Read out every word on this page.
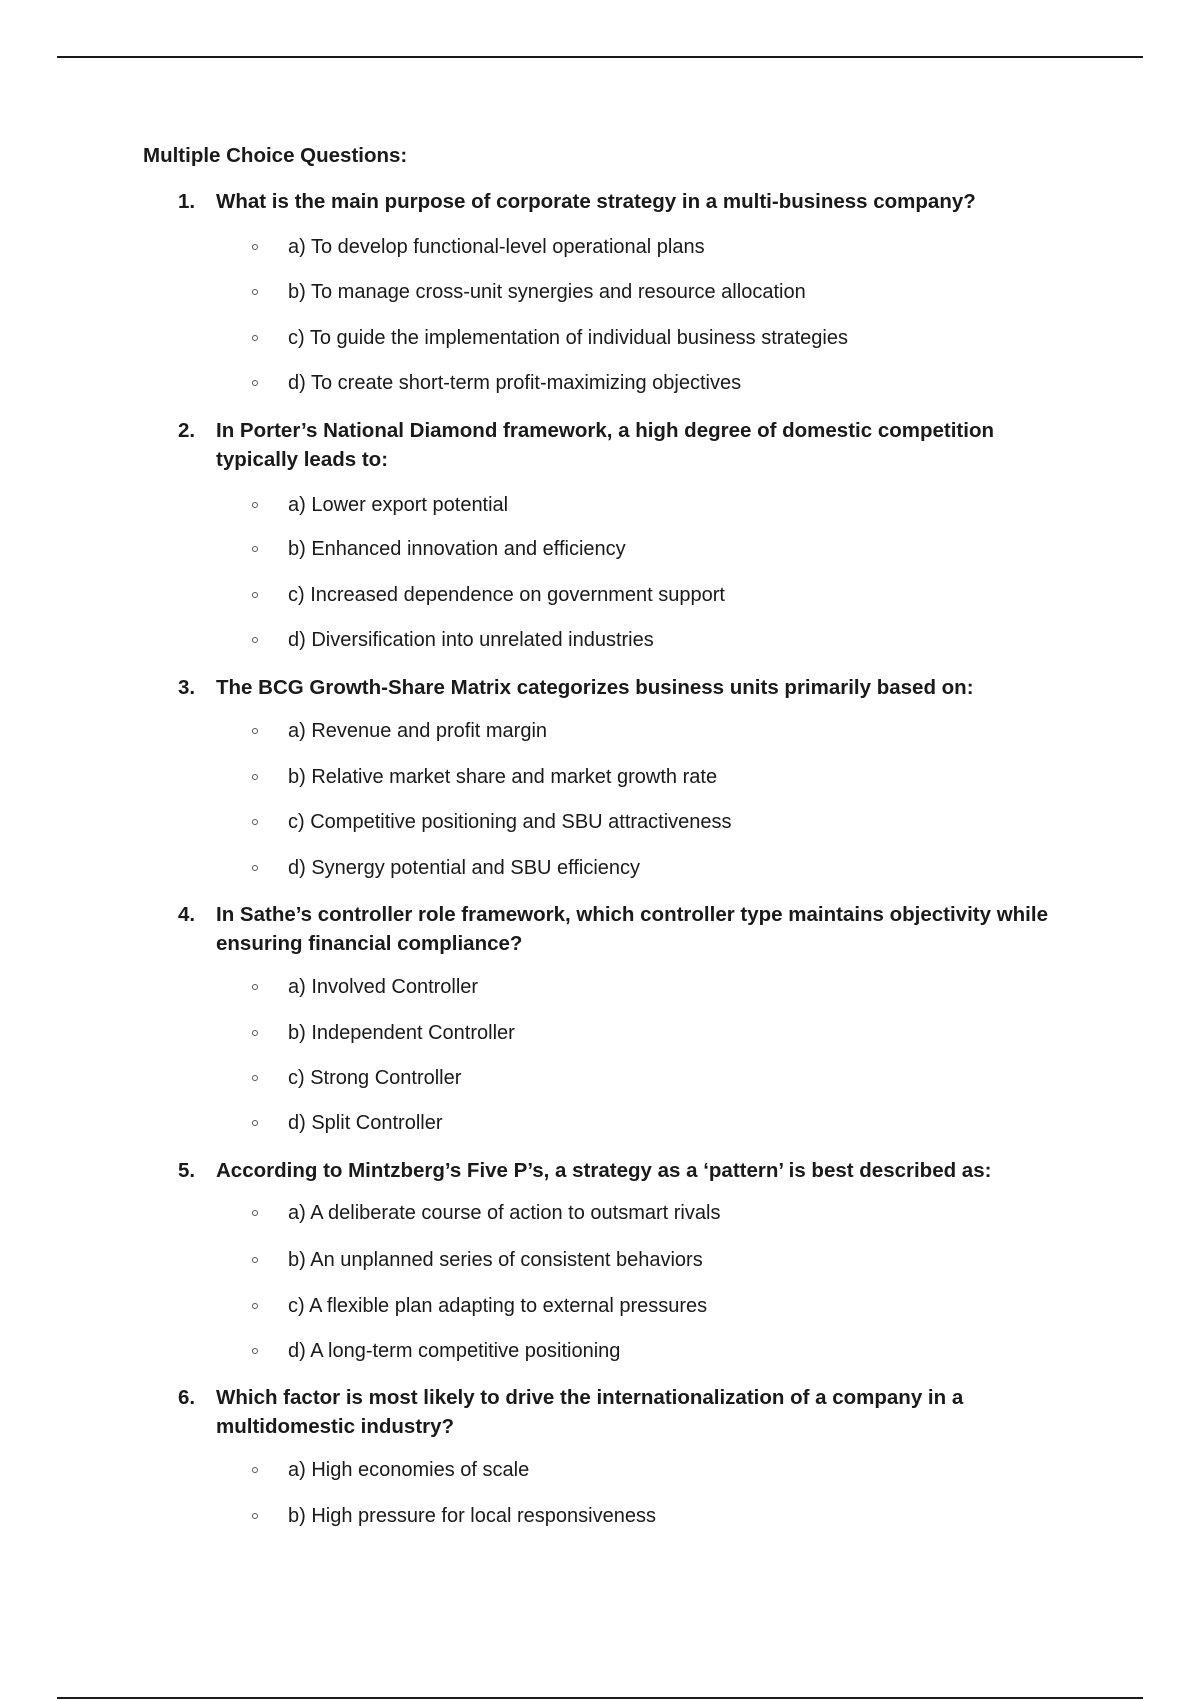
Multiple Choice Questions:
1.	What is the main purpose of corporate strategy in a multi-business company?
a) To develop functional-level operational plans
b) To manage cross-unit synergies and resource allocation
c) To guide the implementation of individual business strategies
d) To create short-term profit-maximizing objectives
2.	In Porter’s National Diamond framework, a high degree of domestic competition typically leads to:
a) Lower export potential
b) Enhanced innovation and efficiency
c) Increased dependence on government support
d) Diversification into unrelated industries
3.	The BCG Growth-Share Matrix categorizes business units primarily based on:
a) Revenue and profit margin
b) Relative market share and market growth rate
c) Competitive positioning and SBU attractiveness
d) Synergy potential and SBU efficiency
4.	In Sathe’s controller role framework, which controller type maintains objectivity while ensuring financial compliance?
a) Involved Controller
b) Independent Controller
c) Strong Controller
d) Split Controller
5.	According to Mintzberg’s Five P’s, a strategy as a ‘pattern’ is best described as:
a) A deliberate course of action to outsmart rivals
b) An unplanned series of consistent behaviors
c) A flexible plan adapting to external pressures
d) A long-term competitive positioning
6.	Which factor is most likely to drive the internationalization of a company in a multidomestic industry?
a) High economies of scale
b) High pressure for local responsiveness
